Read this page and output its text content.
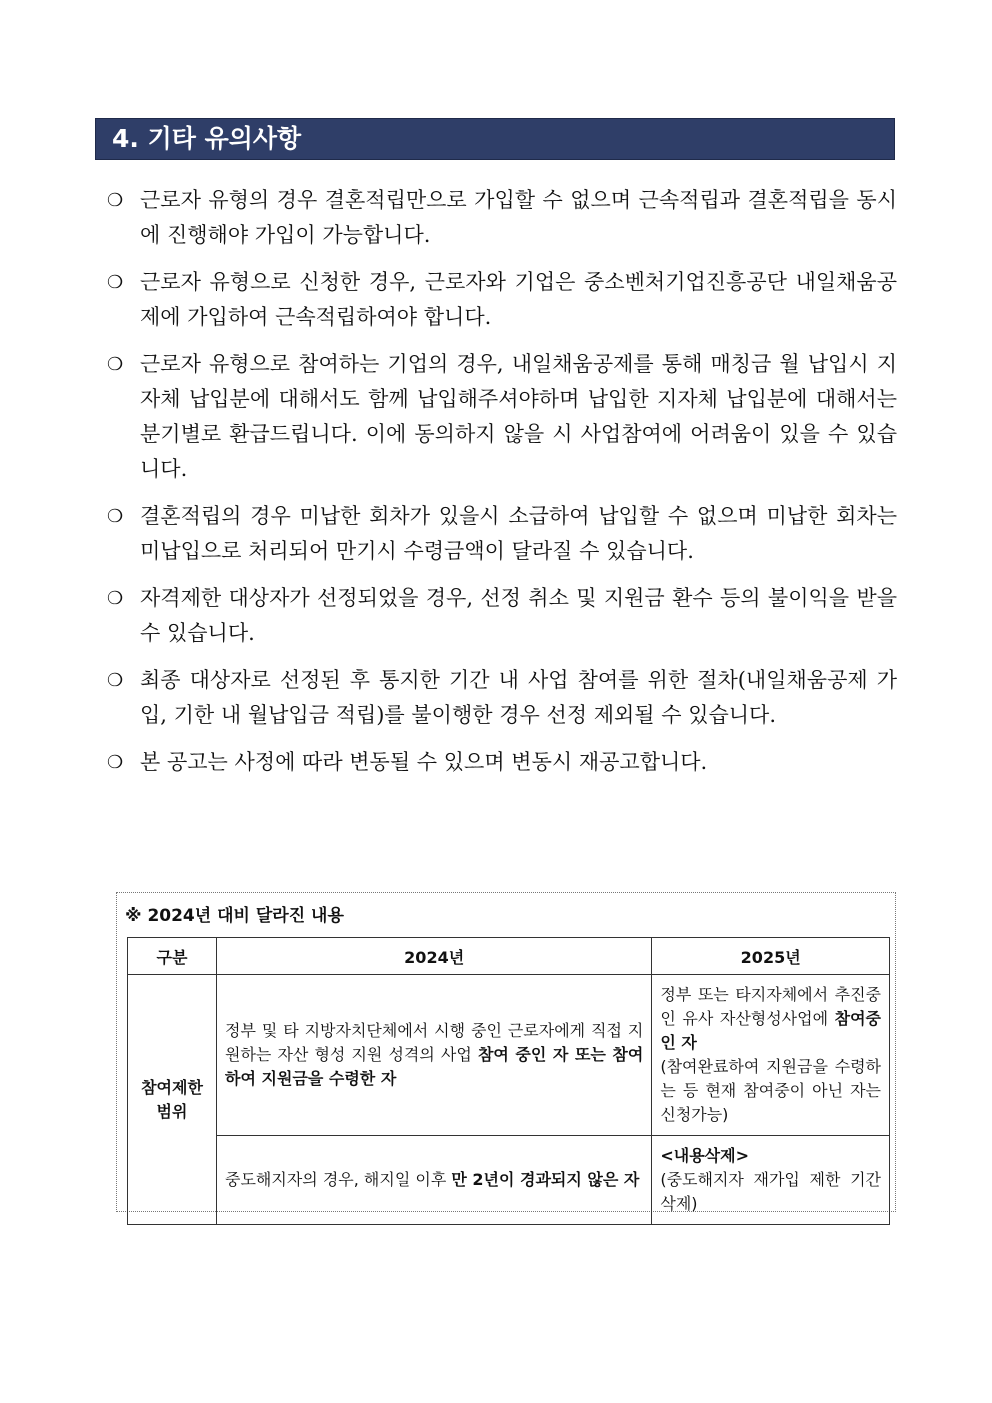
4. 기타 유의사항
❍ 근로자 유형의 경우 결혼적립만으로 가입할 수 없으며 근속적립과 결혼적립을 동시에 진행해야 가입이 가능합니다.
❍ 근로자 유형으로 신청한 경우, 근로자와 기업은 중소벤처기업진흥공단 내일채움공제에 가입하여 근속적립하여야 합니다.
❍ 근로자 유형으로 참여하는 기업의 경우, 내일채움공제를 통해 매칭금 월 납입시 지자체 납입분에 대해서도 함께 납입해주셔야하며 납입한 지자체 납입분에 대해서는 분기별로 환급드립니다. 이에 동의하지 않을 시 사업참여에 어려움이 있을 수 있습니다.
❍ 결혼적립의 경우 미납한 회차가 있을시 소급하여 납입할 수 없으며 미납한 회차는 미납입으로 처리되어 만기시 수령금액이 달라질 수 있습니다.
❍ 자격제한 대상자가 선정되었을 경우, 선정 취소 및 지원금 환수 등의 불이익을 받을 수 있습니다.
❍ 최종 대상자로 선정된 후 통지한 기간 내 사업 참여를 위한 절차(내일채움공제 가입, 기한 내 월납입금 적립)를 불이행한 경우 선정 제외될 수 있습니다.
❍ 본 공고는 사정에 따라 변동될 수 있으며 변동시 재공고합니다.
※ 2024년 대비 달라진 내용
구분	2024년	2025년
참여제한 범위	정부 및 타 지방자치단체에서 시행 중인 근로자에게 직접 지원하는 자산 형성 지원 성격의 사업 참여 중인 자 또는 참여하여 지원금을 수령한 자	정부 또는 타지자체에서 추진중인 유사 자산형성사업에 참여중인 자
(참여완료하여 지원금을 수령하는 등 현재 참여중이 아닌 자는 신청가능)
	중도해지자의 경우, 해지일 이후 만 2년이 경과되지 않은 자	<내용삭제>
(중도해지자 재가입 제한 기간 삭제)
